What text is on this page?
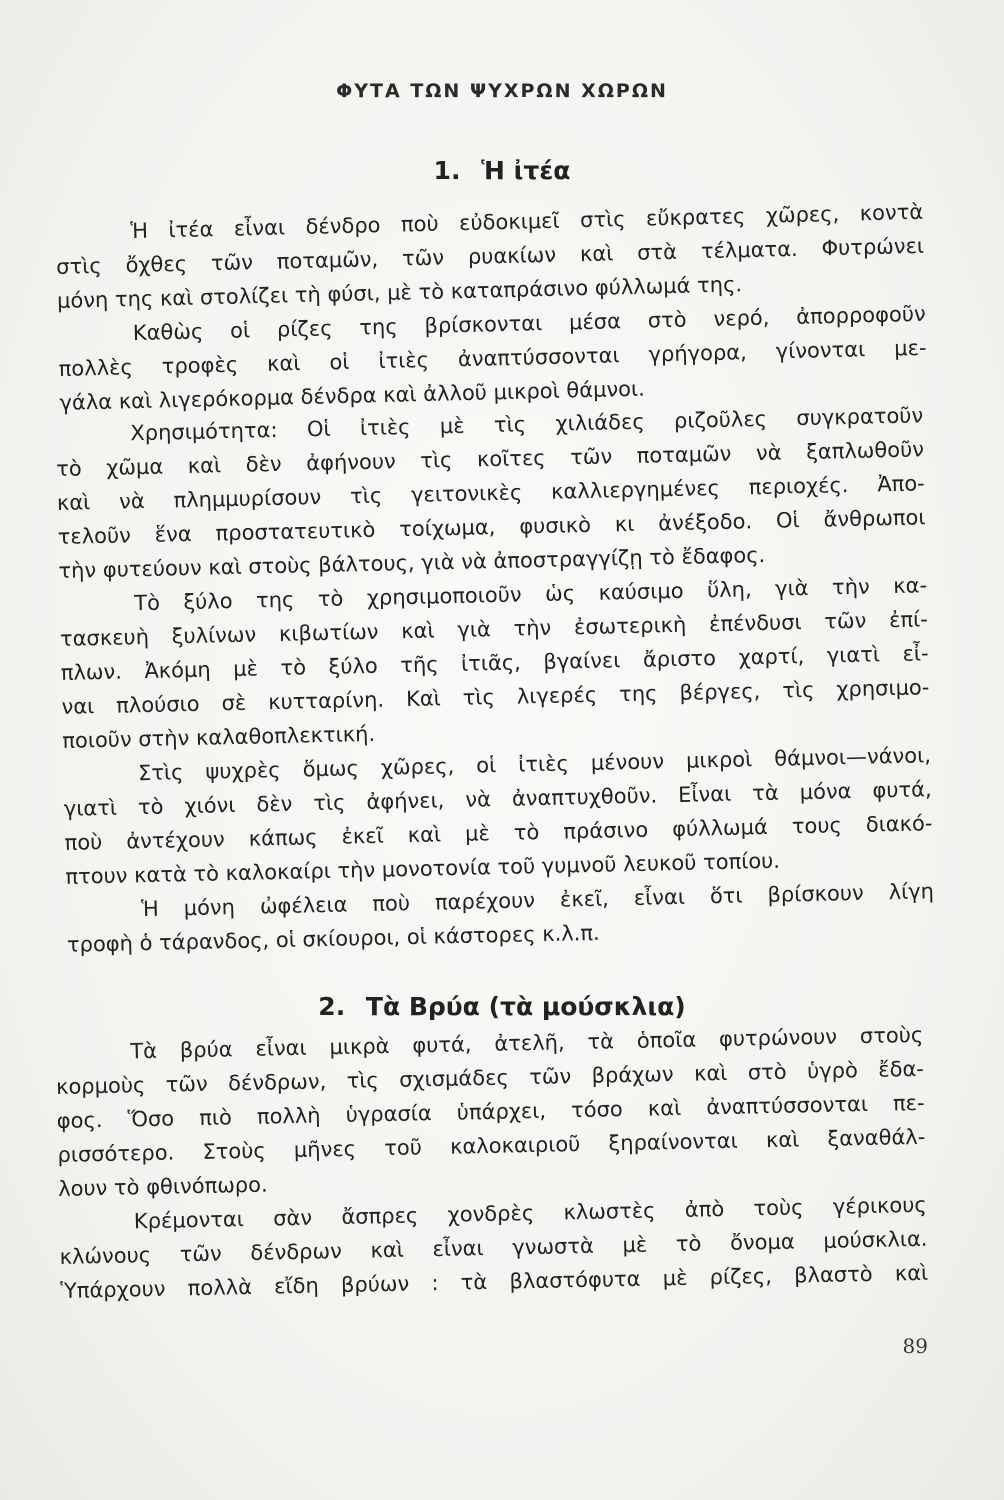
ΦΥΤΑ ΤΩΝ ΨΥΧΡΩΝ ΧΩΡΩΝ
1. Ἡ ἰτέα
Ἡ ἰτέα εἶναι δένδρο ποὺ εὐδοκιμεῖ στὶς εὔκρατες χῶρες, κοντὰ
στὶς ὄχθες τῶν ποταμῶν, τῶν ρυακίων καὶ στὰ τέλματα. Φυτρώνει
μόνη της καὶ στολίζει τὴ φύσι, μὲ τὸ καταπράσινο φύλλωμά της.
Καθὼς οἱ ρίζες της βρίσκονται μέσα στὸ νερό, ἀπορροφοῦν
πολλὲς τροφὲς καὶ οἱ ἰτιὲς ἀναπτύσσονται γρήγορα, γίνονται με-
γάλα καὶ λιγερόκορμα δένδρα καὶ ἀλλοῦ μικροὶ θάμνοι.
Χρησιμότητα: Οἱ ἰτιὲς μὲ τὶς χιλιάδες ριζοῦλες συγκρατοῦν
τὸ χῶμα καὶ δὲν ἀφήνουν τὶς κοῖτες τῶν ποταμῶν νὰ ξαπλωθοῦν
καὶ νὰ πλημμυρίσουν τὶς γειτονικὲς καλλιεργημένες περιοχές. Ἀπο-
τελοῦν ἕνα προστατευτικὸ τοίχωμα, φυσικὸ κι ἀνέξοδο. Οἱ ἄνθρωποι
τὴν φυτεύουν καὶ στοὺς βάλτους, γιὰ νὰ ἀποστραγγίζῃ τὸ ἔδαφος.
Τὸ ξύλο της τὸ χρησιμοποιοῦν ὡς καύσιμο ὕλη, γιὰ τὴν κα-
τασκευὴ ξυλίνων κιβωτίων καὶ γιὰ τὴν ἐσωτερικὴ ἐπένδυσι τῶν ἐπί-
πλων. Ἀκόμη μὲ τὸ ξύλο τῆς ἰτιᾶς, βγαίνει ἄριστο χαρτί, γιατὶ εἶ-
ναι πλούσιο σὲ κυτταρίνη. Καὶ τὶς λιγερές της βέργες, τὶς χρησιμο-
ποιοῦν στὴν καλαθοπλεκτική.
Στὶς ψυχρὲς ὅμως χῶρες, οἱ ἰτιὲς μένουν μικροὶ θάμνοι—νάνοι,
γιατὶ τὸ χιόνι δὲν τὶς ἀφήνει, νὰ ἀναπτυχθοῦν. Εἶναι τὰ μόνα φυτά,
ποὺ ἀντέχουν κάπως ἐκεῖ καὶ μὲ τὸ πράσινο φύλλωμά τους διακό-
πτουν κατὰ τὸ καλοκαίρι τὴν μονοτονία τοῦ γυμνοῦ λευκοῦ τοπίου.
Ἡ μόνη ὠφέλεια ποὺ παρέχουν ἐκεῖ, εἶναι ὅτι βρίσκουν λίγη
τροφὴ ὁ τάρανδος, οἱ σκίουροι, οἱ κάστορες κ.λ.π.
2. Τὰ Βρύα (τὰ μούσκλια)
Τὰ βρύα εἶναι μικρὰ φυτά, ἀτελῆ, τὰ ὁποῖα φυτρώνουν στοὺς
κορμοὺς τῶν δένδρων, τὶς σχισμάδες τῶν βράχων καὶ στὸ ὑγρὸ ἔδα-
φος. Ὅσο πιὸ πολλὴ ὑγρασία ὑπάρχει, τόσο καὶ ἀναπτύσσονται πε-
ρισσότερο. Στοὺς μῆνες τοῦ καλοκαιριοῦ ξηραίνονται καὶ ξαναθάλ-
λουν τὸ φθινόπωρο.
Κρέμονται σὰν ἄσπρες χονδρὲς κλωστὲς ἀπὸ τοὺς γέρικους
κλώνους τῶν δένδρων καὶ εἶναι γνωστὰ μὲ τὸ ὄνομα μούσκλια.
Ὑπάρχουν πολλὰ εἴδη βρύων : τὰ βλαστόφυτα μὲ ρίζες, βλαστὸ καὶ
89
